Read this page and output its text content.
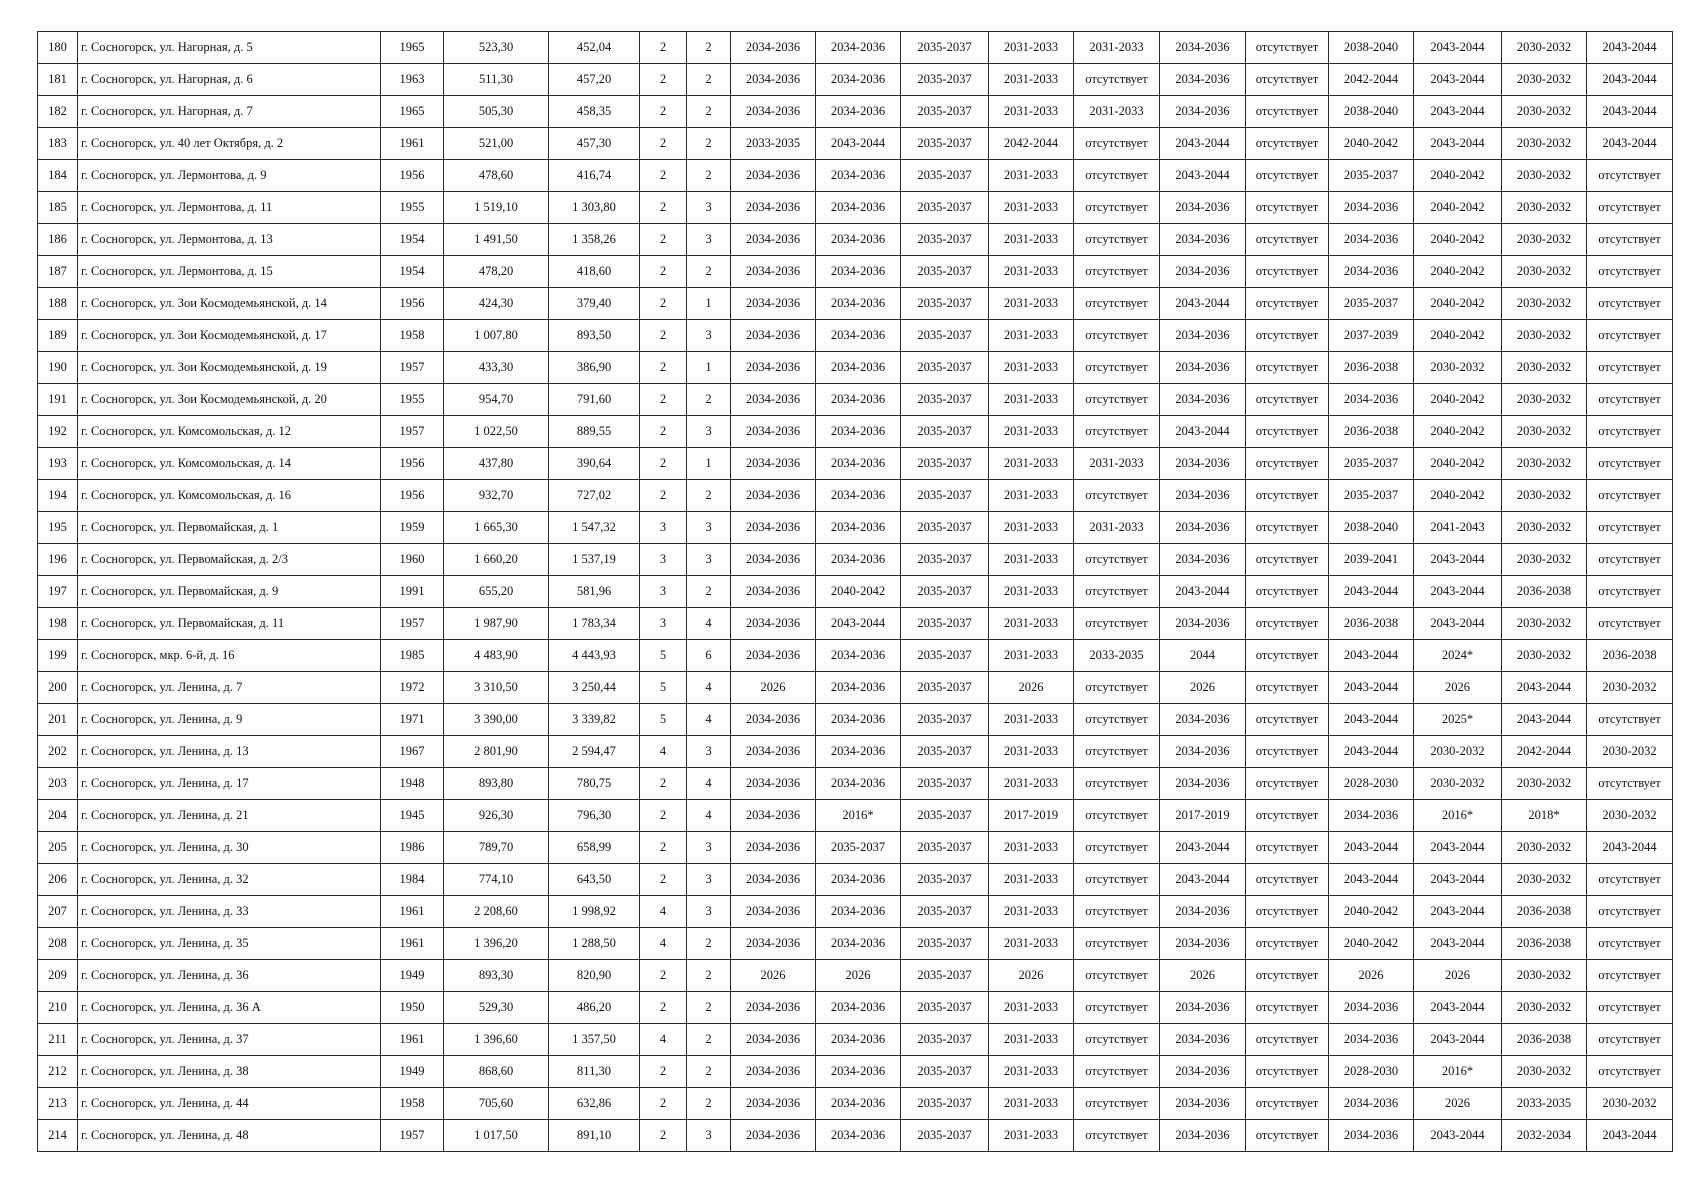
180	г. Сосногорск, ул. Нагорная, д. 5	1965	523,30	452,04	2	2	2034-2036	2034-2036	2035-2037	2031-2033	2031-2033	2034-2036	отсутствует	2038-2040	2043-2044	2030-2032	2043-2044
181	г. Сосногорск, ул. Нагорная, д. 6	1963	511,30	457,20	2	2	2034-2036	2034-2036	2035-2037	2031-2033	отсутствует	2034-2036	отсутствует	2042-2044	2043-2044	2030-2032	2043-2044
182	г. Сосногорск, ул. Нагорная, д. 7	1965	505,30	458,35	2	2	2034-2036	2034-2036	2035-2037	2031-2033	2031-2033	2034-2036	отсутствует	2038-2040	2043-2044	2030-2032	2043-2044
183	г. Сосногорск, ул. 40 лет Октября, д. 2	1961	521,00	457,30	2	2	2033-2035	2043-2044	2035-2037	2042-2044	отсутствует	2043-2044	отсутствует	2040-2042	2043-2044	2030-2032	2043-2044
184	г. Сосногорск, ул. Лермонтова, д. 9	1956	478,60	416,74	2	2	2034-2036	2034-2036	2035-2037	2031-2033	отсутствует	2043-2044	отсутствует	2035-2037	2040-2042	2030-2032	отсутствует
185	г. Сосногорск, ул. Лермонтова, д. 11	1955	1 519,10	1 303,80	2	3	2034-2036	2034-2036	2035-2037	2031-2033	отсутствует	2034-2036	отсутствует	2034-2036	2040-2042	2030-2032	отсутствует
186	г. Сосногорск, ул. Лермонтова, д. 13	1954	1 491,50	1 358,26	2	3	2034-2036	2034-2036	2035-2037	2031-2033	отсутствует	2034-2036	отсутствует	2034-2036	2040-2042	2030-2032	отсутствует
187	г. Сосногорск, ул. Лермонтова, д. 15	1954	478,20	418,60	2	2	2034-2036	2034-2036	2035-2037	2031-2033	отсутствует	2034-2036	отсутствует	2034-2036	2040-2042	2030-2032	отсутствует
188	г. Сосногорск, ул. Зои Космодемьянской, д. 14	1956	424,30	379,40	2	1	2034-2036	2034-2036	2035-2037	2031-2033	отсутствует	2043-2044	отсутствует	2035-2037	2040-2042	2030-2032	отсутствует
189	г. Сосногорск, ул. Зои Космодемьянской, д. 17	1958	1 007,80	893,50	2	3	2034-2036	2034-2036	2035-2037	2031-2033	отсутствует	2034-2036	отсутствует	2037-2039	2040-2042	2030-2032	отсутствует
190	г. Сосногорск, ул. Зои Космодемьянской, д. 19	1957	433,30	386,90	2	1	2034-2036	2034-2036	2035-2037	2031-2033	отсутствует	2034-2036	отсутствует	2036-2038	2030-2032	2030-2032	отсутствует
191	г. Сосногорск, ул. Зои Космодемьянской, д. 20	1955	954,70	791,60	2	2	2034-2036	2034-2036	2035-2037	2031-2033	отсутствует	2034-2036	отсутствует	2034-2036	2040-2042	2030-2032	отсутствует
192	г. Сосногорск, ул. Комсомольская, д. 12	1957	1 022,50	889,55	2	3	2034-2036	2034-2036	2035-2037	2031-2033	отсутствует	2043-2044	отсутствует	2036-2038	2040-2042	2030-2032	отсутствует
193	г. Сосногорск, ул. Комсомольская, д. 14	1956	437,80	390,64	2	1	2034-2036	2034-2036	2035-2037	2031-2033	2031-2033	2034-2036	отсутствует	2035-2037	2040-2042	2030-2032	отсутствует
194	г. Сосногорск, ул. Комсомольская, д. 16	1956	932,70	727,02	2	2	2034-2036	2034-2036	2035-2037	2031-2033	отсутствует	2034-2036	отсутствует	2035-2037	2040-2042	2030-2032	отсутствует
195	г. Сосногорск, ул. Первомайская, д. 1	1959	1 665,30	1 547,32	3	3	2034-2036	2034-2036	2035-2037	2031-2033	2031-2033	2034-2036	отсутствует	2038-2040	2041-2043	2030-2032	отсутствует
196	г. Сосногорск, ул. Первомайская, д. 2/3	1960	1 660,20	1 537,19	3	3	2034-2036	2034-2036	2035-2037	2031-2033	отсутствует	2034-2036	отсутствует	2039-2041	2043-2044	2030-2032	отсутствует
197	г. Сосногорск, ул. Первомайская, д. 9	1991	655,20	581,96	3	2	2034-2036	2040-2042	2035-2037	2031-2033	отсутствует	2043-2044	отсутствует	2043-2044	2043-2044	2036-2038	отсутствует
198	г. Сосногорск, ул. Первомайская, д. 11	1957	1 987,90	1 783,34	3	4	2034-2036	2043-2044	2035-2037	2031-2033	отсутствует	2034-2036	отсутствует	2036-2038	2043-2044	2030-2032	отсутствует
199	г. Сосногорск, мкр. 6-й, д. 16	1985	4 483,90	4 443,93	5	6	2034-2036	2034-2036	2035-2037	2031-2033	2033-2035	2044	отсутствует	2043-2044	2024*	2030-2032	2036-2038
200	г. Сосногорск, ул. Ленина, д. 7	1972	3 310,50	3 250,44	5	4	2026	2034-2036	2035-2037	2026	отсутствует	2026	отсутствует	2043-2044	2026	2043-2044	2030-2032
201	г. Сосногорск, ул. Ленина, д. 9	1971	3 390,00	3 339,82	5	4	2034-2036	2034-2036	2035-2037	2031-2033	отсутствует	2034-2036	отсутствует	2043-2044	2025*	2043-2044	отсутствует
202	г. Сосногорск, ул. Ленина, д. 13	1967	2 801,90	2 594,47	4	3	2034-2036	2034-2036	2035-2037	2031-2033	отсутствует	2034-2036	отсутствует	2043-2044	2030-2032	2042-2044	2030-2032
203	г. Сосногорск, ул. Ленина, д. 17	1948	893,80	780,75	2	4	2034-2036	2034-2036	2035-2037	2031-2033	отсутствует	2034-2036	отсутствует	2028-2030	2030-2032	2030-2032	отсутствует
204	г. Сосногорск, ул. Ленина, д. 21	1945	926,30	796,30	2	4	2034-2036	2016*	2035-2037	2017-2019	отсутствует	2017-2019	отсутствует	2034-2036	2016*	2018*	2030-2032
205	г. Сосногорск, ул. Ленина, д. 30	1986	789,70	658,99	2	3	2034-2036	2035-2037	2035-2037	2031-2033	отсутствует	2043-2044	отсутствует	2043-2044	2043-2044	2030-2032	2043-2044
206	г. Сосногорск, ул. Ленина, д. 32	1984	774,10	643,50	2	3	2034-2036	2034-2036	2035-2037	2031-2033	отсутствует	2043-2044	отсутствует	2043-2044	2043-2044	2030-2032	отсутствует
207	г. Сосногорск, ул. Ленина, д. 33	1961	2 208,60	1 998,92	4	3	2034-2036	2034-2036	2035-2037	2031-2033	отсутствует	2034-2036	отсутствует	2040-2042	2043-2044	2036-2038	отсутствует
208	г. Сосногорск, ул. Ленина, д. 35	1961	1 396,20	1 288,50	4	2	2034-2036	2034-2036	2035-2037	2031-2033	отсутствует	2034-2036	отсутствует	2040-2042	2043-2044	2036-2038	отсутствует
209	г. Сосногорск, ул. Ленина, д. 36	1949	893,30	820,90	2	2	2026	2026	2035-2037	2026	отсутствует	2026	отсутствует	2026	2026	2030-2032	отсутствует
210	г. Сосногорск, ул. Ленина, д. 36 А	1950	529,30	486,20	2	2	2034-2036	2034-2036	2035-2037	2031-2033	отсутствует	2034-2036	отсутствует	2034-2036	2043-2044	2030-2032	отсутствует
211	г. Сосногорск, ул. Ленина, д. 37	1961	1 396,60	1 357,50	4	2	2034-2036	2034-2036	2035-2037	2031-2033	отсутствует	2034-2036	отсутствует	2034-2036	2043-2044	2036-2038	отсутствует
212	г. Сосногорск, ул. Ленина, д. 38	1949	868,60	811,30	2	2	2034-2036	2034-2036	2035-2037	2031-2033	отсутствует	2034-2036	отсутствует	2028-2030	2016*	2030-2032	отсутствует
213	г. Сосногорск, ул. Ленина, д. 44	1958	705,60	632,86	2	2	2034-2036	2034-2036	2035-2037	2031-2033	отсутствует	2034-2036	отсутствует	2034-2036	2026	2033-2035	2030-2032
214	г. Сосногорск, ул. Ленина, д. 48	1957	1 017,50	891,10	2	3	2034-2036	2034-2036	2035-2037	2031-2033	отсутствует	2034-2036	отсутствует	2034-2036	2043-2044	2032-2034	2043-2044
